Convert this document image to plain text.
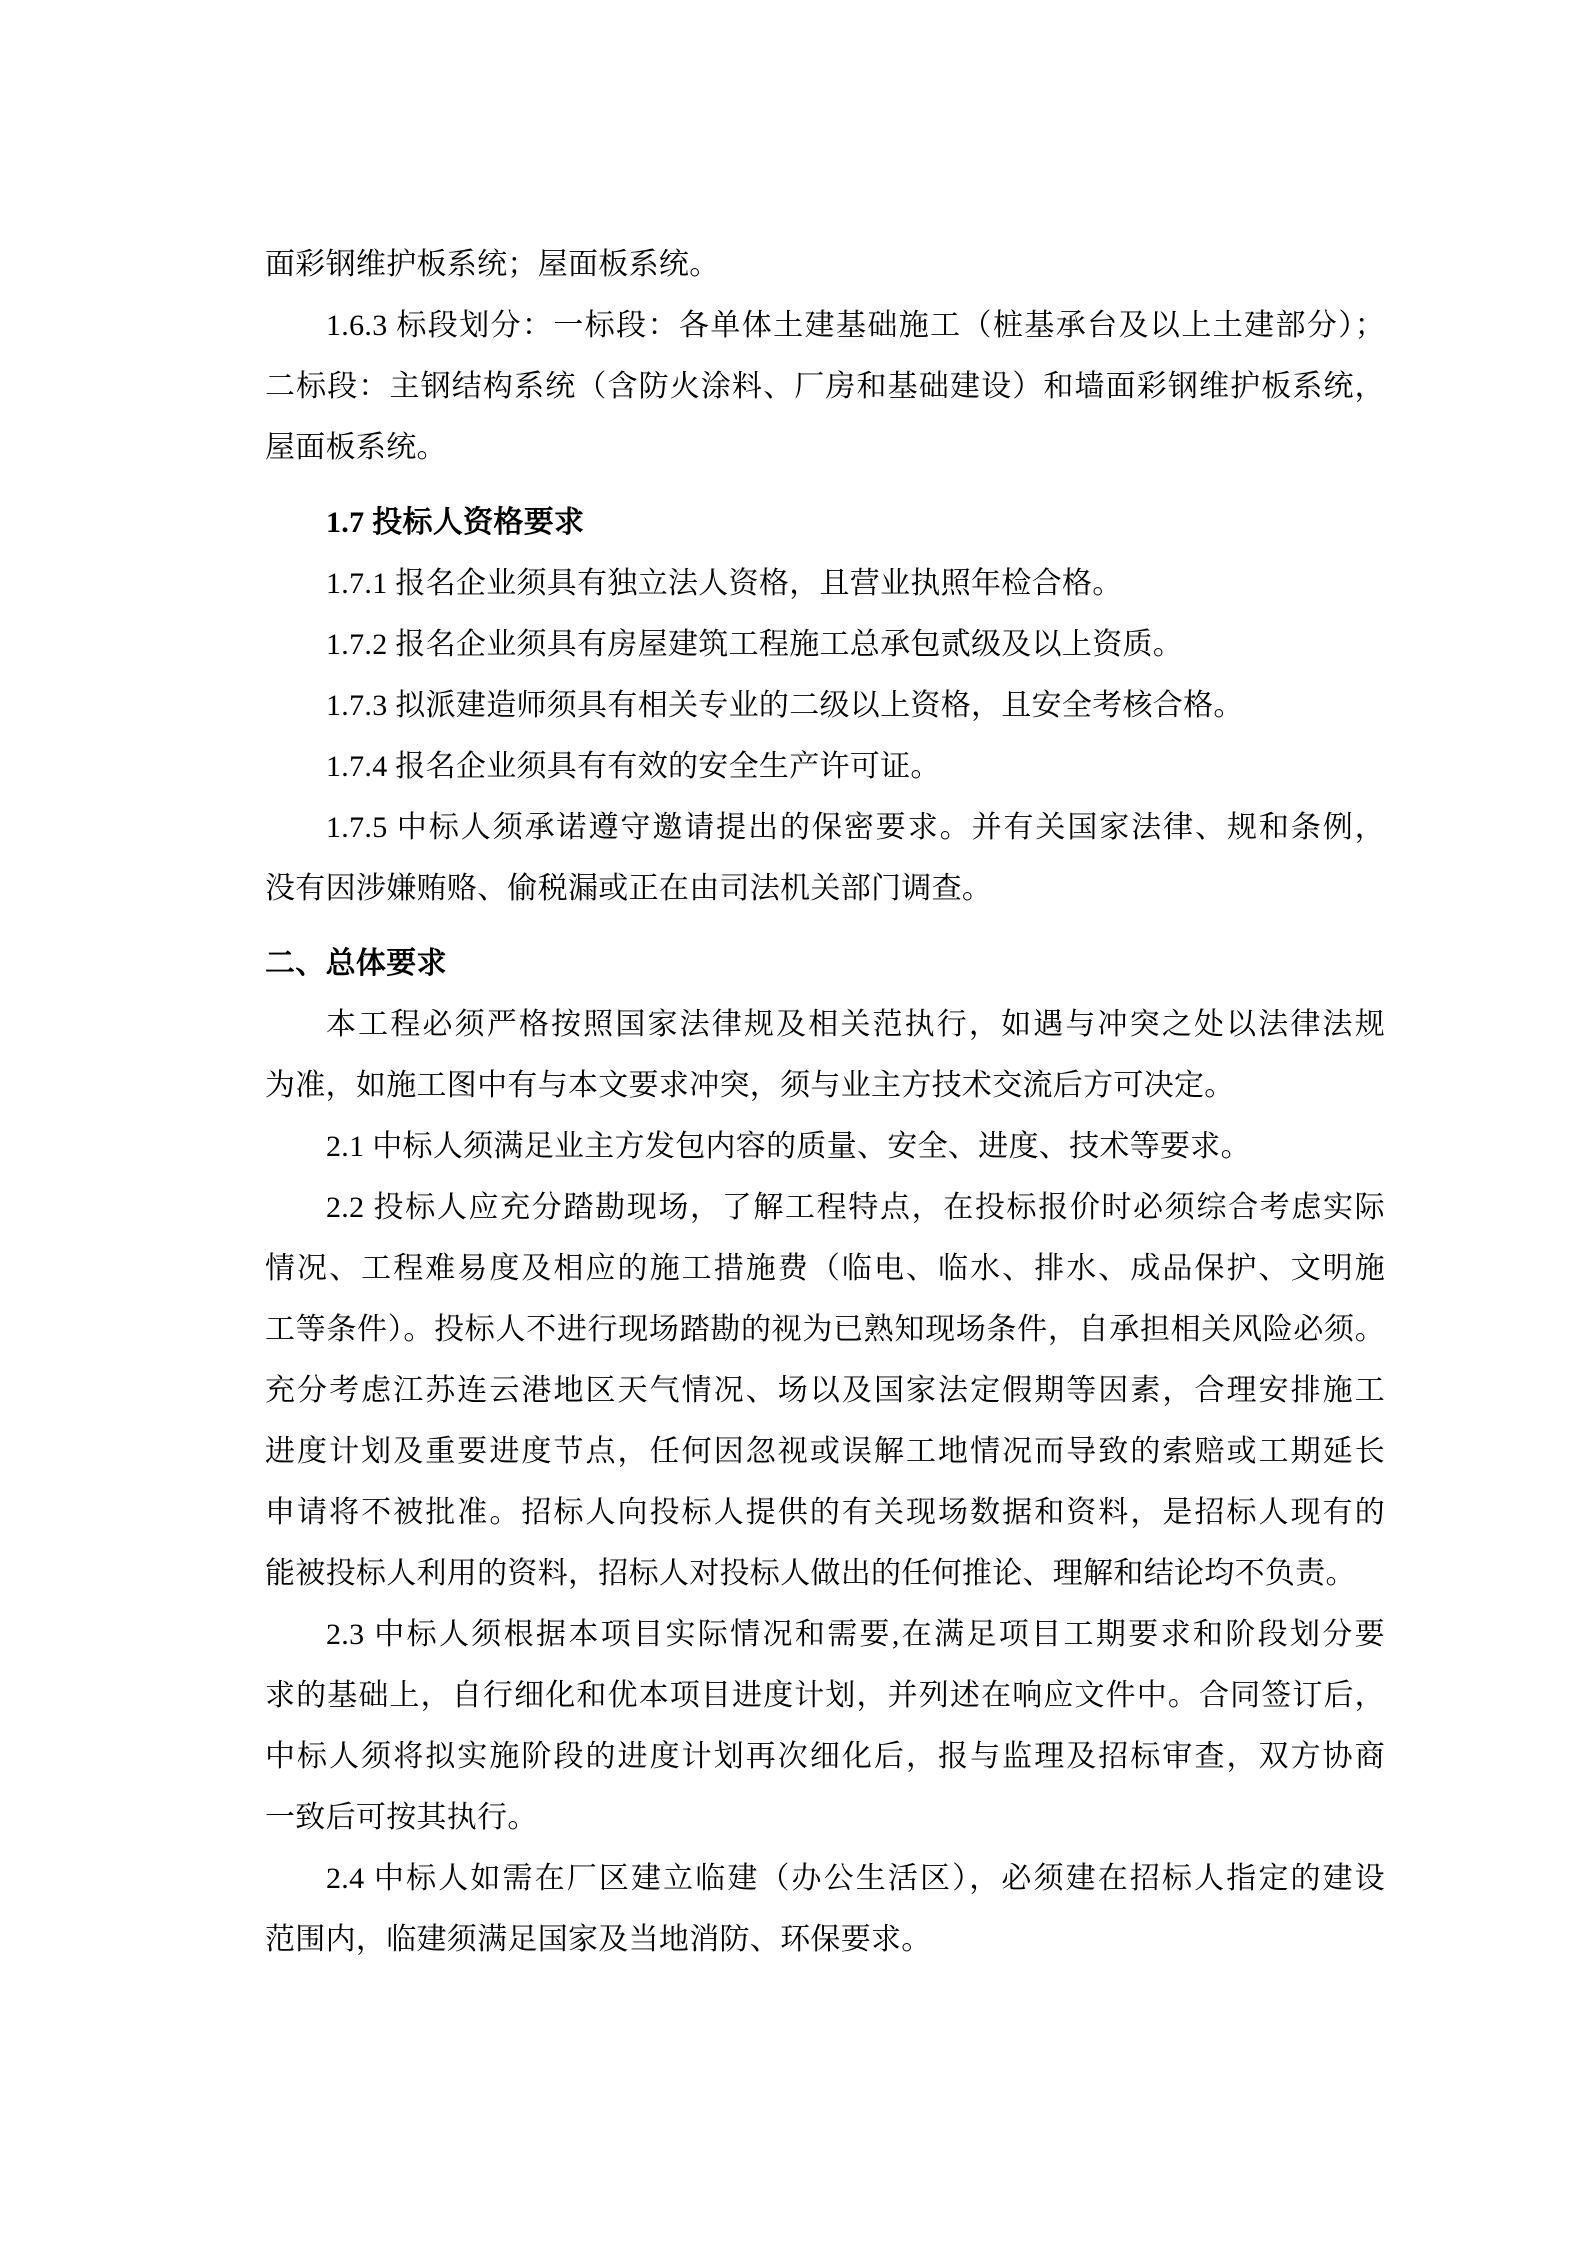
面彩钢维护板系统；屋面板系统。

1.6.3 标段划分：一标段：各单体土建基础施工（桩基承台及以上土建部分）；
二标段：主钢结构系统（含防火涂料、厂房和基础建设）和墙面彩钢维护板系统，
屋面板系统。

1.7 投标人资格要求

1.7.1 报名企业须具有独立法人资格，且营业执照年检合格。

1.7.2 报名企业须具有房屋建筑工程施工总承包贰级及以上资质。

1.7.3 拟派建造师须具有相关专业的二级以上资格，且安全考核合格。

1.7.4 报名企业须具有有效的安全生产许可证。

1.7.5 中标人须承诺遵守邀请提出的保密要求。并有关国家法律、规和条例，
没有因涉嫌贿赂、偷税漏或正在由司法机关部门调查。

二、总体要求

本工程必须严格按照国家法律规及相关范执行，如遇与冲突之处以法律法规
为准，如施工图中有与本文要求冲突，须与业主方技术交流后方可决定。

2.1 中标人须满足业主方发包内容的质量、安全、进度、技术等要求。

2.2 投标人应充分踏勘现场，了解工程特点，在投标报价时必须综合考虑实际
情况、工程难易度及相应的施工措施费（临电、临水、排水、成品保护、文明施
工等条件）。投标人不进行现场踏勘的视为已熟知现场条件，自承担相关风险必须。
充分考虑江苏连云港地区天气情况、场以及国家法定假期等因素，合理安排施工
进度计划及重要进度节点，任何因忽视或误解工地情况而导致的索赔或工期延长
申请将不被批准。招标人向投标人提供的有关现场数据和资料，是招标人现有的
能被投标人利用的资料，招标人对投标人做出的任何推论、理解和结论均不负责。

2.3 中标人须根据本项目实际情况和需要,在满足项目工期要求和阶段划分要
求的基础上，自行细化和优本项目进度计划，并列述在响应文件中。合同签订后，
中标人须将拟实施阶段的进度计划再次细化后，报与监理及招标审查，双方协商
一致后可按其执行。

2.4 中标人如需在厂区建立临建（办公生活区），必须建在招标人指定的建设
范围内，临建须满足国家及当地消防、环保要求。
